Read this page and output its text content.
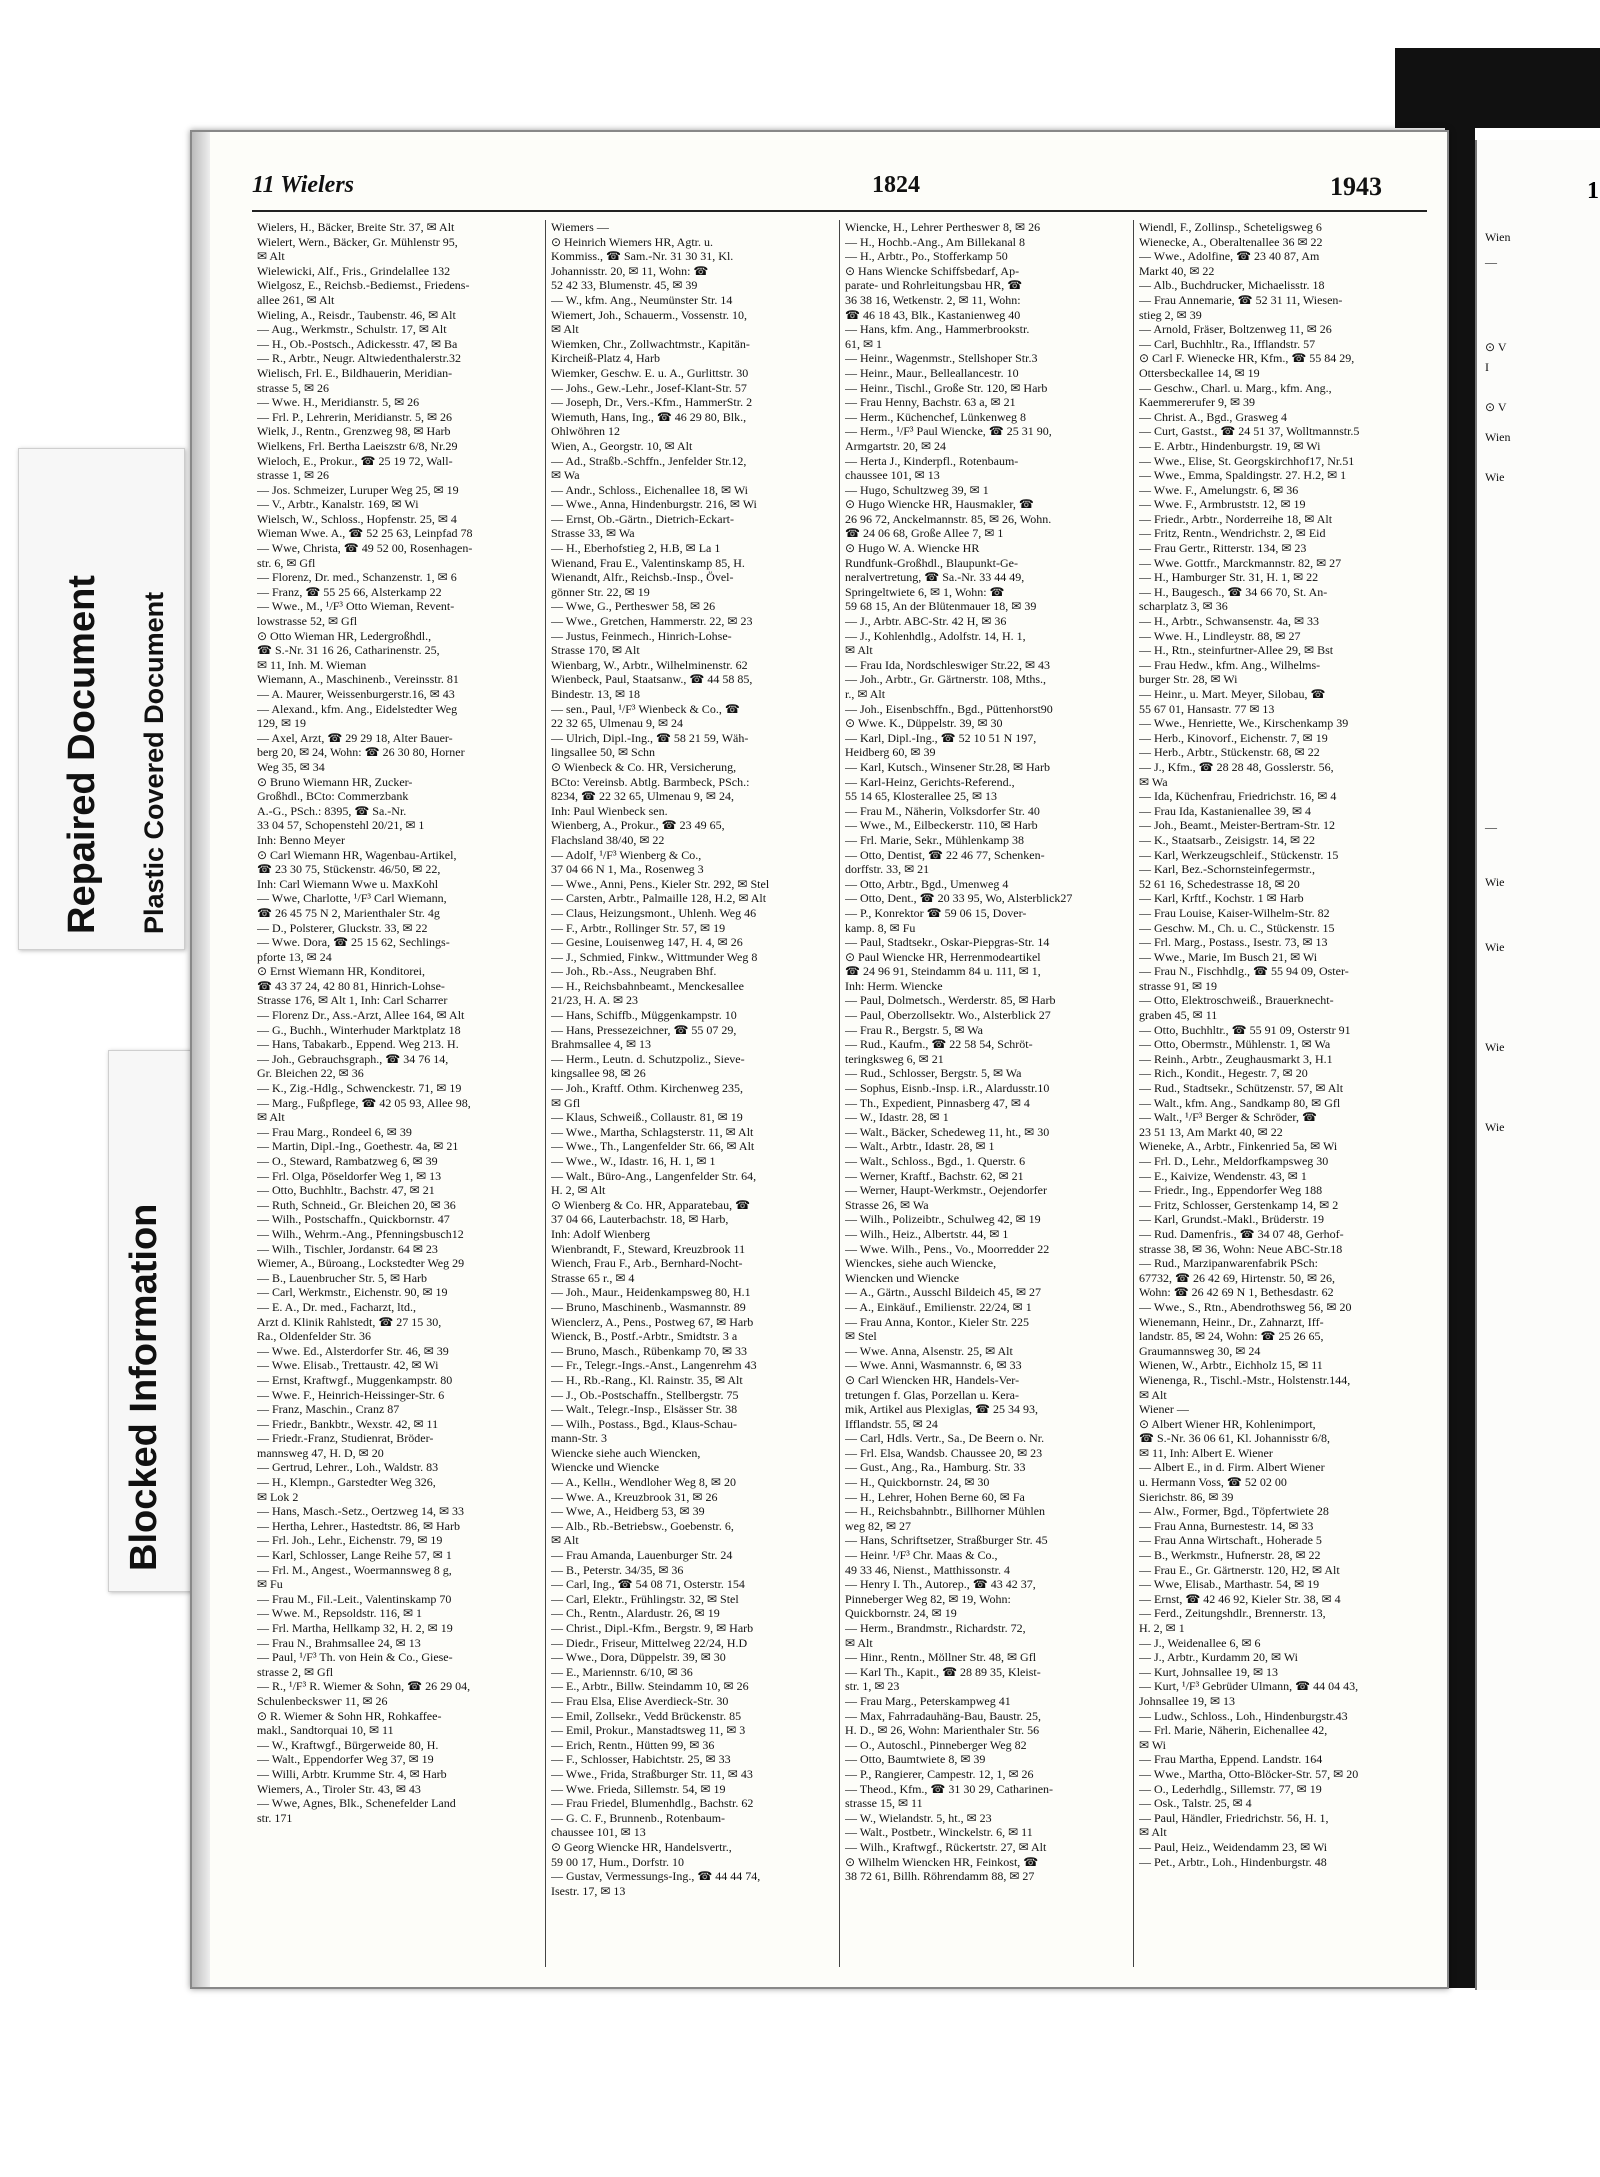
Repaired Document Plastic Covered Document
Blocked Information
11 Wielers	1824	1943
Wielers, H., Bäcker, Breite Str. 37, ✉ Alt
Wielert, Wern., Bäcker, Gr. Mühlenstr 95,
✉ Alt
Wielewicki, Alf., Fris., Grindelallee 132
Wielgosz, E., Reichsb.-Bediemst., Friedens-
allee 261, ✉ Alt
Wieling, A., Reisdr., Taubenstr. 46, ✉ Alt
— Aug., Werkmstr., Schulstr. 17, ✉ Alt
— H., Ob.-Postsch., Adickesstr. 47, ✉ Ba
— R., Arbtr., Neugr. Altwiedenthalerstr.32
Wielisch, Frl. E., Bildhauerin, Meridian-
strasse 5, ✉ 26
— Wwe. H., Meridianstr. 5, ✉ 26
— Frl. P., Lehrerin, Meridianstr. 5, ✉ 26
Wielk, J., Rentn., Grenzweg 98, ✉ Harb
Wielkens, Frl. Bertha Laeiszstr 6/8, Nr.29
Wieloch, E., Prokur., ☎ 25 19 72, Wall-
strasse 1, ✉ 26
— Jos. Schmeizer, Luruper Weg 25, ✉ 19
— V., Arbtr., Kanalstr. 169, ✉ Wi
Wielsch, W., Schloss., Hopfenstr. 25, ✉ 4
Wieman Wwe. A., ☎ 52 25 63, Leinpfad 78
— Wwe, Christa, ☎ 49 52 00, Rosenhagen-
str. 6, ✉ Gfl
— Florenz, Dr. med., Schanzenstr. 1, ✉ 6
— Franz, ☎ 55 25 66, Alsterkamp 22
— Wwe., M., ¹/F³ Otto Wieman, Revent-
lowstrasse 52, ✉ Gfl
⊙ Otto Wieman HR, Ledergroßhdl.,
☎ S.-Nr. 31 16 26, Catharinenstr. 25,
✉ 11, Inh. M. Wieman
Wiemann, A., Maschinenb., Vereinsstr. 81
— A. Maurer, Weissenburgerstr.16, ✉ 43
— Alexand., kfm. Ang., Eidelstedter Weg
129, ✉ 19
— Axel, Arzt, ☎ 29 29 18, Alter Bauer-
berg 20, ✉ 24, Wohn: ☎ 26 30 80, Horner
Weg 35, ✉ 34
⊙ Bruno Wiemann HR, Zucker-
Großhdl., BCto: Commerzbank
A.-G., PSch.: 8395, ☎ Sa.-Nr.
33 04 57, Schopenstehl 20/21, ✉ 1
Inh: Benno Meyer
⊙ Carl Wiemann HR, Wagenbau-Artikel,
☎ 23 30 75, Stückenstr. 46/50, ✉ 22,
Inh: Carl Wiemann Wwe u. MaxKohl
— Wwe, Charlotte, ¹/F³ Carl Wiemann,
☎ 26 45 75 N 2, Marienthaler Str. 4g
— D., Polsterer, Gluckstr. 33, ✉ 22
— Wwe. Dora, ☎ 25 15 62, Sechlings-
pforte 13, ✉ 24
⊙ Ernst Wiemann HR, Konditorei,
☎ 43 37 24, 42 80 81, Hinrich-Lohse-
Strasse 176, ✉ Alt 1, Inh: Carl Scharrer
— Florenz Dr., Ass.-Arzt, Allee 164, ✉ Alt
— G., Buchh., Winterhuder Marktplatz 18
— Hans, Tabakarb., Eppend. Weg 213. H.
— Joh., Gebrauchsgraph., ☎ 34 76 14,
Gr. Bleichen 22, ✉ 36
— K., Zig.-Hdlg., Schwenckestr. 71, ✉ 19
— Marg., Fußpflege, ☎ 42 05 93, Allee 98,
✉ Alt
— Frau Marg., Rondeel 6, ✉ 39
— Martin, Dipl.-Ing., Goethestr. 4a, ✉ 21
— O., Steward, Rambatzweg 6, ✉ 39
— Frl. Olga, Pöseldorfer Weg 1, ✉ 13
— Otto, Buchhltr., Bachstr. 47, ✉ 21
— Ruth, Schneid., Gr. Bleichen 20, ✉ 36
— Wilh., Postschaffn., Quickbornstr. 47
— Wilh., Wehrm.-Ang., Pfenningsbusch12
— Wilh., Tischler, Jordanstr. 64 ✉ 23
Wiemer, A., Büroang., Lockstedter Weg 29
— B., Lauenbrucher Str. 5, ✉ Harb
— Carl, Werkmstr., Eichenstr. 90, ✉ 19
— E. A., Dr. med., Facharzt, ltd.,
Arzt d. Klinik Rahlstedt, ☎ 27 15 30,
Ra., Oldenfelder Str. 36
— Wwe. Ed., Alsterdorfer Str. 46, ✉ 39
— Wwe. Elisab., Trettaustr. 42, ✉ Wi
— Ernst, Kraftwgf., Muggenkampstr. 80
— Wwe. F., Heinrich-Heissinger-Str. 6
— Franz, Maschin., Cranz 87
— Friedr., Bankbtr., Wexstr. 42, ✉ 11
— Friedr.-Franz, Studienrat, Bröder-
mannsweg 47, H. D, ✉ 20
— Gertrud, Lehrer., Loh., Waldstr. 83
— H., Klempn., Garstedter Weg 326,
✉ Lok 2
— Hans, Masch.-Setz., Oertzweg 14, ✉ 33
— Hertha, Lehrer., Hastedtstr. 86, ✉ Harb
— Frl. Joh., Lehr., Eichenstr. 79, ✉ 19
— Karl, Schlosser, Lange Reihe 57, ✉ 1
— Frl. M., Angest., Woermannsweg 8 g,
✉ Fu
— Frau M., Fil.-Leit., Valentinskamp 70
— Wwe. M., Repsoldstr. 116, ✉ 1
— Frl. Martha, Hellkamp 32, H. 2, ✉ 19
— Frau N., Brahmsallee 24, ✉ 13
— Paul, ¹/F³ Th. von Hein & Co., Giese-
strasse 2, ✉ Gfl
— R., ¹/F³ R. Wiemer & Sohn, ☎ 26 29 04,
Schulenbeckswег 11, ✉ 26
⊙ R. Wiemer & Sohn HR, Rohkaffee-
makl., Sandtorquai 10, ✉ 11
— W., Kraftwgf., Bürgerweide 80, H.
— Walt., Eppendorfer Weg 37, ✉ 19
— Willi, Arbtr. Krumme Str. 4, ✉ Harb
Wiemers, A., Tiroler Str. 43, ✉ 43
— Wwe, Agnes, Blk., Schenefelder Land
str. 171
Wiemers —
⊙ Heinrich Wiemers HR, Agtr. u.
Kommiss., ☎ Sam.-Nr. 31 30 31, Kl.
Johannisstr. 20, ✉ 11, Wohn: ☎
52 42 33, Blumenstr. 45, ✉ 39
— W., kfm. Ang., Neumünster Str. 14
Wiemert, Joh., Schauerm., Vossenstr. 10,
✉ Alt
Wiemken, Chr., Zollwachtmstr., Kapitän-
Kircheiß-Platz 4, Harb
Wiemker, Geschw. E. u. A., Gurlittstr. 30
— Johs., Gew.-Lehr., Josef-Klant-Str. 57
— Joseph, Dr., Vers.-Kfm., HammerStr. 2
Wiemuth, Hans, Ing., ☎ 46 29 80, Blk.,
Ohlwöhren 12
Wien, A., Georgstr. 10, ✉ Alt
— Ad., Straßb.-Schffn., Jenfelder Str.12,
✉ Wa
— Andr., Schloss., Eichenallee 18, ✉ Wi
— Wwe., Anna, Hindenburgstr. 216, ✉ Wi
— Ernst, Ob.-Gärtn., Dietrich-Eckart-
Strasse 33, ✉ Wa
— H., Eberhofstieg 2, H.B, ✉ La 1
Wienand, Frau E., Valentinskamp 85, H.
Wienandt, Alfr., Reichsb.-Insp., Övel-
gönner Str. 22, ✉ 19
— Wwe, G., Pertheswег 58, ✉ 26
— Wwe., Gretchen, Hammerstr. 22, ✉ 23
— Justus, Feinmech., Hinrich-Lohse-
Strasse 170, ✉ Alt
Wienbarg, W., Arbtr., Wilhelminenstr. 62
Wienbeck, Paul, Staatsanw., ☎ 44 58 85,
Bindestr. 13, ✉ 18
— sen., Paul, ¹/F³ Wienbeck & Co., ☎
22 32 65, Ulmenau 9, ✉ 24
— Ulrich, Dipl.-Ing., ☎ 58 21 59, Wäh-
lingsallee 50, ✉ Schn
⊙ Wienbeck & Co. HR, Versicherung,
BCto: Vereinsb. Abtlg. Barmbeck, PSch.:
8234, ☎ 22 32 65, Ulmenau 9, ✉ 24,
Inh: Paul Wienbeck sen.
Wienberg, A., Prokur., ☎ 23 49 65,
Flachsland 38/40, ✉ 22
— Adolf, ¹/F³ Wienberg & Co.,
37 04 66 N 1, Ma., Rosenweg 3
— Wwe., Anni, Pens., Kieler Str. 292, ✉ Stel
— Carsten, Arbtr., Palmaille 128, H.2, ✉ Alt
— Claus, Heizungsmont., Uhlenh. Weg 46
— F., Arbtr., Rollinger Str. 57, ✉ 19
— Gesine, Louisenweg 147, H. 4, ✉ 26
— J., Schmied, Finkw., Wittmunder Weg 8
— Joh., Rb.-Ass., Neugraben Bhf.
— H., Reichsbahnbeamt., Menckesallee
21/23, H. A. ✉ 23
— Hans, Schiffb., Müggenkampstr. 10
— Hans, Pressezeichner, ☎ 55 07 29,
Brahmsallee 4, ✉ 13
— Herm., Leutn. d. Schutzpoliz., Sieve-
kingsallee 98, ✉ 26
— Joh., Kraftf. Othm. Kirchenweg 235,
✉ Gfl
— Klaus, Schweiß., Collaustr. 81, ✉ 19
— Wwe., Martha, Schlagsterstr. 11, ✉ Alt
— Wwe., Th., Langenfelder Str. 66, ✉ Alt
— Wwe., W., Idastr. 16, H. 1, ✉ 1
— Walt., Büro-Ang., Langenfelder Str. 64,
H. 2, ✉ Alt
⊙ Wienberg & Co. HR, Apparatebau, ☎
37 04 66, Lauterbachstr. 18, ✉ Harb,
Inh: Adolf Wienberg
Wienbrandt, F., Steward, Kreuzbrook 11
Wiench, Frau F., Arb., Bernhard-Nocht-
Strasse 65 r., ✉ 4
— Joh., Maur., Heidenkampsweg 80, H.1
— Bruno, Maschinenb., Wasmannstr. 89
Wienclerz, A., Pens., Postweg 67, ✉ Harb
Wienck, B., Postf.-Arbtr., Smidtstr. 3 a
— Bruno, Masch., Rübenkamp 70, ✉ 33
— Fr., Telegr.-Ings.-Anst., Langenrehm 43
— H., Rb.-Rang., Kl. Rainstr. 35, ✉ Alt
— J., Ob.-Postschaffn., Stellbergstr. 75
— Walt., Telegr.-Insp., Elsässer Str. 38
— Wilh., Postass., Bgd., Klaus-Schau-
mann-Str. 3
Wiencke siehe auch Wiencken,
Wiencke und Wiencke
— A., Kellн., Wendloher Weg 8, ✉ 20
— Wwe. A., Kreuzbrook 31, ✉ 26
— Wwe, A., Heidberg 53, ✉ 39
— Alb., Rb.-Betriebsw., Goebenstr. 6,
✉ Alt
— Frau Amanda, Lauenburger Str. 24
— B., Peterstr. 34/35, ✉ 36
— Carl, Ing., ☎ 54 08 71, Osterstr. 154
— Carl, Elektr., Frühlingstr. 32, ✉ Stel
— Ch., Rentn., Alardustr. 26, ✉ 19
— Christ., Dipl.-Kfm., Bergstr. 9, ✉ Harb
— Diedr., Friseur, Mittelweg 22/24, H.D
— Wwe., Dora, Düppelstr. 39, ✉ 30
— E., Mariennstr. 6/10, ✉ 36
— E., Arbtr., Billw. Steindamm 10, ✉ 26
— Frau Elsa, Elise Averdieck-Str. 30
— Emil, Zollsekr., Vedd Brückenstr. 85
— Emil, Prokur., Manstadtsweg 11, ✉ 3
— Erich, Rentn., Hütten 99, ✉ 36
— F., Schlosser, Habichtstr. 25, ✉ 33
— Wwe., Frida, Straßburger Str. 11, ✉ 43
— Wwe. Frieda, Sillemstr. 54, ✉ 19
— Frau Friedel, Blumenhdlg., Bachstr. 62
— G. C. F., Brunnenb., Rotenbaum-
chaussee 101, ✉ 13
⊙ Georg Wiencke HR, Handelsvertr.,
59 00 17, Hum., Dorfstr. 10
— Gustav, Vermessungs-Ing., ☎ 44 44 74,
Isestr. 17, ✉ 13
Wiencke, H., Lehrer Pertheswег 8, ✉ 26
— H., Hochb.-Ang., Am Billekanal 8
— H., Arbtr., Po., Stofferkamp 50
⊙ Hans Wiencke Schiffsbedarf, Ap-
parate- und Rohrleitungsbau HR, ☎
36 38 16, Wetkenstr. 2, ✉ 11, Wohn:
☎ 46 18 43, Blk., Kastanienweg 40
— Hans, kfm. Ang., Hammerbrookstr.
61, ✉ 1
— Heinr., Wagenmstr., Stellshoper Str.3
— Heinr., Maur., Belleallancestr. 10
— Heinr., Tischl., Große Str. 120, ✉ Harb
— Frau Henny, Bachstr. 63 a, ✉ 21
— Herm., Küchenchef, Lünkenweg 8
— Herm., ¹/F³ Paul Wiencke, ☎ 25 31 90,
Armgartstr. 20, ✉ 24
— Herta J., Kinderpfl., Rotenbaum-
chaussee 101, ✉ 13
— Hugo, Schultzweg 39, ✉ 1
⊙ Hugo Wiencke HR, Hausmakler, ☎
26 96 72, Anckelmannstr. 85, ✉ 26, Wohn.
☎ 24 06 68, Große Allee 7, ✉ 1
⊙ Hugo W. A. Wiencke HR
Rundfunk-Großhdl., Blaupunkt-Ge-
neralvertretung, ☎ Sa.-Nr. 33 44 49,
Springeltwiete 6, ✉ 1, Wohn: ☎
59 68 15, An der Blütenmauer 18, ✉ 39
— J., Arbtr. ABC-Str. 42 H, ✉ 36
— J., Kohlenhdlg., Adolfstr. 14, H. 1,
✉ Alt
— Frau Ida, Nordschleswiger Str.22, ✉ 43
— Joh., Arbtr., Gr. Gärtnerstr. 108, Mths.,
r., ✉ Alt
— Joh., Eisenbschffn., Bgd., Püttenhorst90
⊙ Wwe. K., Düppelstr. 39, ✉ 30
— Karl, Dipl.-Ing., ☎ 52 10 51 N 197,
Heidberg 60, ✉ 39
— Karl, Kutsch., Winsener Str.28, ✉ Harb
— Karl-Heinz, Gerichts-Referend.,
55 14 65, Klosterallee 25, ✉ 13
— Frau M., Näherin, Volksdorfer Str. 40
— Wwe., M., Eilbeckerstr. 110, ✉ Harb
— Frl. Marie, Sekr., Mühlenkamp 38
— Otto, Dentist, ☎ 22 46 77, Schenken-
dorffstr. 33, ✉ 21
— Otto, Arbtr., Bgd., Umenweg 4
— Otto, Dent., ☎ 20 33 95, Wo, Alsterblick27
— P., Konrektor ☎ 59 06 15, Dover-
kamp. 8, ✉ Fu
— Paul, Stadtsekr., Oskar-Piepgras-Str. 14
⊙ Paul Wiencke HR, Herrenmodeartikel
☎ 24 96 91, Steindamm 84 u. 111, ✉ 1,
Inh: Herm. Wiencke
— Paul, Dolmetsch., Werderstr. 85, ✉ Harb
— Paul, Oberzollsektr. Wo., Alsterblick 27
— Frau R., Bergstr. 5, ✉ Wa
— Rud., Kaufm., ☎ 22 58 54, Schröt-
teringksweg 6, ✉ 21
— Rud., Schlosser, Bergstr. 5, ✉ Wa
— Sophus, Eisnb.-Insp. i.R., Alardusstr.10
— Th., Expedient, Pinnasberg 47, ✉ 4
— W., Idastr. 28, ✉ 1
— Walt., Bäcker, Schedeweg 11, ht., ✉ 30
— Walt., Arbtr., Idastr. 28, ✉ 1
— Walt., Schloss., Bgd., 1. Querstr. 6
— Werner, Kraftf., Bachstr. 62, ✉ 21
— Werner, Haupt-Werkmstr., Oejendorfer
Strasse 26, ✉ Wa
— Wilh., Polizeibtr., Schulweg 42, ✉ 19
— Wilh., Heiz., Albertstr. 44, ✉ 1
— Wwe. Wilh., Pens., Vo., Moorredder 22
Wienckes, siehe auch Wiencke,
Wiencken und Wiencke
— A., Gärtn., Ausschl Bildeich 45, ✉ 27
— A., Einkäuf., Emilienstr. 22/24, ✉ 1
— Frau Anna, Kontor., Kieler Str. 225
✉ Stel
— Wwe. Anna, Alsenstr. 25, ✉ Alt
— Wwe. Anni, Wasmannstr. 6, ✉ 33
⊙ Carl Wiencken HR, Handels-Ver-
tretungen f. Glas, Porzellan u. Kera-
mik, Artikel aus Plexiglas, ☎ 25 34 93,
Ifflandstr. 55, ✉ 24
— Carl, Hdls. Vertr., Sa., De Beern o. Nr.
— Frl. Elsa, Wandsb. Chaussee 20, ✉ 23
— Gust., Ang., Ra., Hamburg. Str. 33
— H., Quickbornstr. 24, ✉ 30
— H., Lehrer, Hohen Berne 60, ✉ Fa
— H., Reichsbahnbtr., Billhorner Mühlen
weg 82, ✉ 27
— Hans, Schriftsetzer, Straßburger Str. 45
— Heinr. ¹/F³ Chr. Maas & Co.,
49 33 46, Nienst., Matthissonstr. 4
— Henry I. Th., Autorep., ☎ 43 42 37,
Pinneberger Weg 82, ✉ 19, Wohn:
Quickbornstr. 24, ✉ 19
— Herm., Brandmstr., Richardstr. 72,
✉ Alt
— Hinr., Rentn., Möllner Str. 48, ✉ Gfl
— Karl Th., Kapit., ☎ 28 89 35, Kleist-
str. 1, ✉ 23
— Frau Marg., Peterskampweg 41
— Max, Fahrradauhäng-Bau, Baustr. 25,
H. D., ✉ 26, Wohn: Marienthaler Str. 56
— O., Autoschl., Pinneberger Weg 82
— Otto, Baumtwiete 8, ✉ 39
— P., Rangierer, Campestr. 12, 1, ✉ 26
— Theod., Kfm., ☎ 31 30 29, Catharinen-
strasse 15, ✉ 11
— W., Wielandstr. 5, ht., ✉ 23
— Walt., Postbetr., Winckelstr. 6, ✉ 11
— Wilh., Kraftwgf., Rückertstr. 27, ✉ Alt
⊙ Wilhelm Wiencken HR, Feinkost, ☎
38 72 61, Billh. Röhrendamm 88, ✉ 27
Wiendl, F., Zollinsp., Scheteligsweg 6
Wienecke, A., Oberaltenallee 36 ✉ 22
— Wwe., Adolfine, ☎ 23 40 87, Am
Markt 40, ✉ 22
— Alb., Buchdrucker, Michaelisstr. 18
— Frau Annemarie, ☎ 52 31 11, Wiesen-
stieg 2, ✉ 39
— Arnold, Fräser, Boltzenweg 11, ✉ 26
— Carl, Buchhltr., Ra., Ifflandstr. 57
⊙ Carl F. Wienecke HR, Kfm., ☎ 55 84 29,
Ottersbeckallee 14, ✉ 19
— Geschw., Charl. u. Marg., kfm. Ang.,
Kaemmererufer 9, ✉ 39
— Christ. A., Bgd., Grasweg 4
— Curt, Gastst., ☎ 24 51 37, Wolltmannstr.5
— E. Arbtr., Hindenburgstr. 19, ✉ Wi
— Wwe., Elise, St. Georgskirchhof17, Nr.51
— Wwe., Emma, Spaldingstr. 27. H.2, ✉ 1
— Wwe. F., Amelungstr. 6, ✉ 36
— Wwe. F., Armbruststr. 12, ✉ 19
— Friedr., Arbtr., Norderreihe 18, ✉ Alt
— Fritz, Rentn., Wendrichstr. 2, ✉ Eid
— Frau Gertr., Ritterstr. 134, ✉ 23
— Wwe. Gottfr., Marckmannstr. 82, ✉ 27
— H., Hamburger Str. 31, H. 1, ✉ 22
— H., Baugesch., ☎ 34 66 70, St. An-
scharplatz 3, ✉ 36
— H., Arbtr., Schwansenstr. 4a, ✉ 33
— Wwe. H., Lindleystr. 88, ✉ 27
— H., Rtn., steinfurtner-Allee 29, ✉ Bst
— Frau Hedw., kfm. Ang., Wilhelms-
burger Str. 28, ✉ Wi
— Heinr., u. Mart. Meyer, Silobau, ☎
55 67 01, Hansastr. 77 ✉ 13
— Wwe., Henriette, We., Kirschenkamp 39
— Herb., Kinovorf., Eichenstr. 7, ✉ 19
— Herb., Arbtr., Stückenstr. 68, ✉ 22
— J., Kfm., ☎ 28 28 48, Gosslerstr. 56,
✉ Wa
— Ida, Küchenfrau, Friedrichstr. 16, ✉ 4
— Frau Ida, Kastanienallee 39, ✉ 4
— Joh., Beamt., Meister-Bertram-Str. 12
— K., Staatsarb., Zeisigstr. 14, ✉ 22
— Karl, Werkzeugschleif., Stückenstr. 15
— Karl, Bez.-Schornsteinfegermstr.,
52 61 16, Schedestrasse 18, ✉ 20
— Karl, Krftf., Kochstr. 1 ✉ Harb
— Frau Louise, Kaiser-Wilhelm-Str. 82
— Geschw. M., Ch. u. C., Stückenstr. 15
— Frl. Marg., Postass., Isestr. 73, ✉ 13
— Wwe., Marie, Im Busch 21, ✉ Wi
— Frau N., Fischhdlg., ☎ 55 94 09, Oster-
strasse 91, ✉ 19
— Otto, Elektroschweiß., Brauerknecht-
graben 45, ✉ 11
— Otto, Buchhltr., ☎ 55 91 09, Osterstr 91
— Otto, Obermstr., Mühlenstr. 1, ✉ Wa
— Reinh., Arbtr., Zeughausmarkt 3, H.1
— Rich., Kondit., Hegestr. 7, ✉ 20
— Rud., Stadtsekr., Schützenstr. 57, ✉ Alt
— Walt., kfm. Ang., Sandkamp 80, ✉ Gfl
— Walt., ¹/F³ Berger & Schröder, ☎
23 51 13, Am Markt 40, ✉ 22
Wieneke, A., Arbtr., Finkenried 5a, ✉ Wi
— Frl. D., Lehr., Meldorfkampsweg 30
— E., Kaivize, Wendenstr. 43, ✉ 1
— Friedr., Ing., Eppendorfer Weg 188
— Fritz, Schlosser, Gerstenkamp 14, ✉ 2
— Karl, Grundst.-Makl., Brüderstr. 19
— Rud. Damenfris., ☎ 34 07 48, Gerhof-
strasse 38, ✉ 36, Wohn: Neue ABC-Str.18
— Rud., Marzipanwarenfabrik PSch:
67732, ☎ 26 42 69, Hirtenstr. 50, ✉ 26,
Wohn: ☎ 26 42 69 N 1, Bethesdastr. 62
— Wwe., S., Rtn., Abendrothsweg 56, ✉ 20
Wienemann, Heinr., Dr., Zahnarzt, Iff-
landstr. 85, ✉ 24, Wohn: ☎ 25 26 65,
Graumannsweg 30, ✉ 24
Wienen, W., Arbtr., Eichholz 15, ✉ 11
Wienenga, R., Tischl.-Mstr., Holstenstr.144,
✉ Alt
Wiener —
⊙ Albert Wiener HR, Kohlenimport,
☎ S.-Nr. 36 06 61, Kl. Johannisstr 6/8,
✉ 11, Inh: Albert E. Wiener
— Albert E., in d. Firm. Albert Wiener
u. Hermann Voss, ☎ 52 02 00
Sierichstr. 86, ✉ 39
— Alw., Former, Bgd., Töpfertwiete 28
— Frau Anna, Burnestestr. 14, ✉ 33
— Frau Anna Wirtschaft., Hoherade 5
— B., Werkmstr., Hufnerstr. 28, ✉ 22
— Frau E., Gr. Gärtnerstr. 120, H2, ✉ Alt
— Wwe, Elisab., Marthastr. 54, ✉ 19
— Ernst, ☎ 42 46 92, Kieler Str. 38, ✉ 4
— Ferd., Zeitungshdlr., Brennerstr. 13,
H. 2, ✉ 1
— J., Weidenallee 6, ✉ 6
— J., Arbtr., Kurdamm 20, ✉ Wi
— Kurt, Johnsallee 19, ✉ 13
— Kurt, ¹/F³ Gebrüder Ulmann, ☎ 44 04 43,
Johnsallee 19, ✉ 13
— Ludw., Schloss., Loh., Hindenburgstr.43
— Frl. Marie, Näherin, Eichenallee 42,
✉ Wi
— Frau Martha, Eppend. Landstr. 164
— Wwe., Martha, Otto-Blöcker-Str. 57, ✉ 20
— O., Lederhdlg., Sillemstr. 77, ✉ 19
— Osk., Talstr. 25, ✉ 4
— Paul, Händler, Friedrichstr. 56, H. 1,
✉ Alt
— Paul, Heiz., Weidendamm 23, ✉ Wi
— Pet., Arbtr., Loh., Hindenburgstr. 48
1
Wien
—
⊙ V
I
⊙ V
Wien
Wie
—
Wie
Wie
Wie
Wie
